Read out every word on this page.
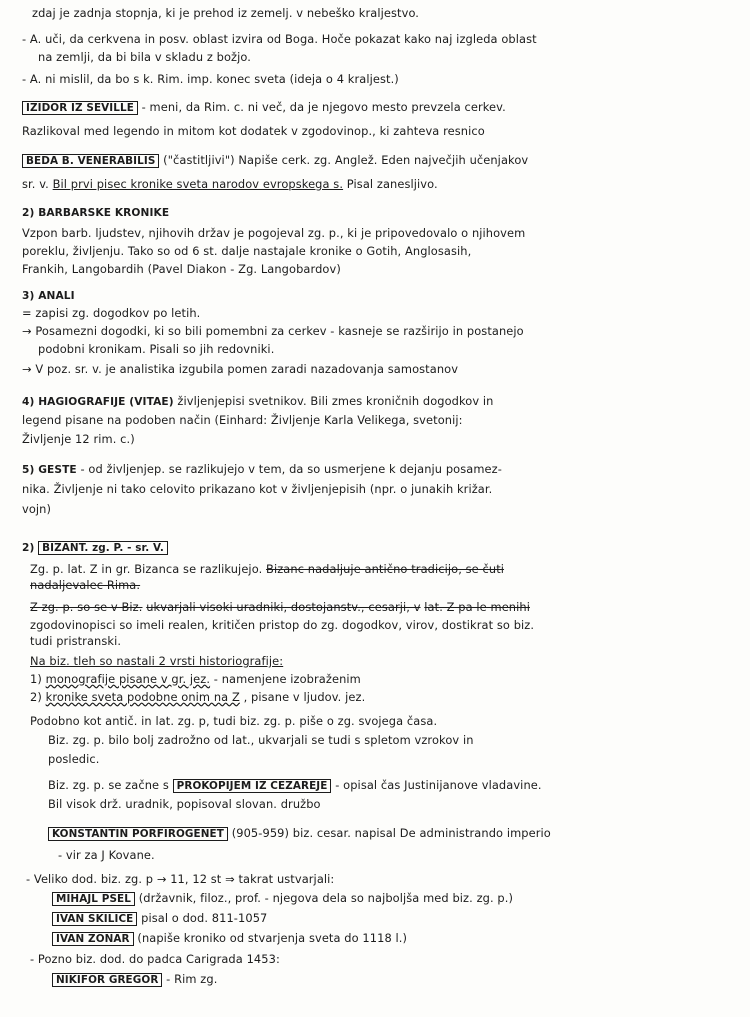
zdaj je zadnja stopnja, ki je prehod iz zemelj. v nebeško kraljestvo.
- A. uči, da cerkvena in posv. oblast izvira od Boga. Hoče pokazat kako naj izgleda oblast
na zemlji, da bi bila v skladu z božjo.
- A. ni mislil, da bo s k. Rim. imp. konec sveta (ideja o 4 kraljest.)
IZIDOR IZ SEVILLE - meni, da Rim. c. ni več, da je njegovo mesto prevzela cerkev.
Razlikoval med legendo in mitom kot dodatek v zgodovinop., ki zahteva resnico
BEDA B. VENERABILIS ("častitljivi") Napiše cerk. zg. Anglež. Eden največjih učenjakov
sr. v. Bil prvi pisec kronike sveta narodov evropskega s. Pisal zanesljivo.
2) BARBARSKE KRONIKE
Vzpon barb. ljudstev, njihovih držav je pogojeval zg. p., ki je pripovedovalo o njihovem
poreklu, življenju. Tako so od 6 st. dalje nastajale kronike o Gotih, Anglosasih,
Frankih, Langobardih (Pavel Diakon - Zg. Langobardov)
3) ANALI
= zapisi zg. dogodkov po letih.
→ Posamezni dogodki, ki so bili pomembni za cerkev - kasneje se razširijo in postanejo
podobni kronikam. Pisali so jih redovniki.
→ V poz. sr. v. je analistika izgubila pomen zaradi nazadovanja samostanov
4) HAGIOGRAFIJE (VITAE) življenjepisi svetnikov. Bili zmes kroničnih dogodkov in
legend pisane na podoben način (Einhard: Življenje Karla Velikega, svetonij:
Življenje 12 rim. c.)
5) GESTE - od življenjep. se razlikujejo v tem, da so usmerjene k dejanju posamez-
nika. Življenje ni tako celovito prikazano kot v življenjepisih (npr. o junakih križar.
vojn)
2) BIZANT. zg. P. - sr. V.
Zg. p. lat. Z in gr. Bizanca se razlikujejo. Bizanc nadaljuje antično tradicijo, se čuti
nadaljevalec Rima.
Z zg. p. so se v Biz. ukvarjali visoki uradniki, dostojanstv., cesarji, v lat. Z pa le menihi
zgodovinopisci so imeli realen, kritičen pristop do zg. dogodkov, virov, dostikrat so biz.
tudi pristranski.
Na biz. tleh so nastali 2 vrsti historiografije:
1) monografije pisane v gr. jez. - namenjene izobraženim
2) kronike sveta podobne onim na Z , pisane v ljudov. jez.
Podobno kot antič. in lat. zg. p, tudi biz. zg. p. piše o zg. svojega časa.
Biz. zg. p. bilo bolj zadrožno od lat., ukvarjali se tudi s spletom vzrokov in
posledic.
Biz. zg. p. se začne s PROKOPIJEM IZ CEZAREJE - opisal čas Justinijanove vladavine.
Bil visok drž. uradnik, popisoval slovan. družbo
KONSTANTIN PORFIROGENET (905-959) biz. cesar. napisal De administrando imperio
- vir za J Kovane.
- Veliko dod. biz. zg. p → 11, 12 st ⇒ takrat ustvarjali:
MIHAJL PSEL (državnik, filoz., prof. - njegova dela so najboljša med biz. zg. p.)
IVAN SKILICE pisal o dod. 811-1057
IVAN ZONAR (napiše kroniko od stvarjenja sveta do 1118 l.)
- Pozno biz. dod. do padca Carigrada 1453:
NIKIFOR GREGOR - Rim zg.
